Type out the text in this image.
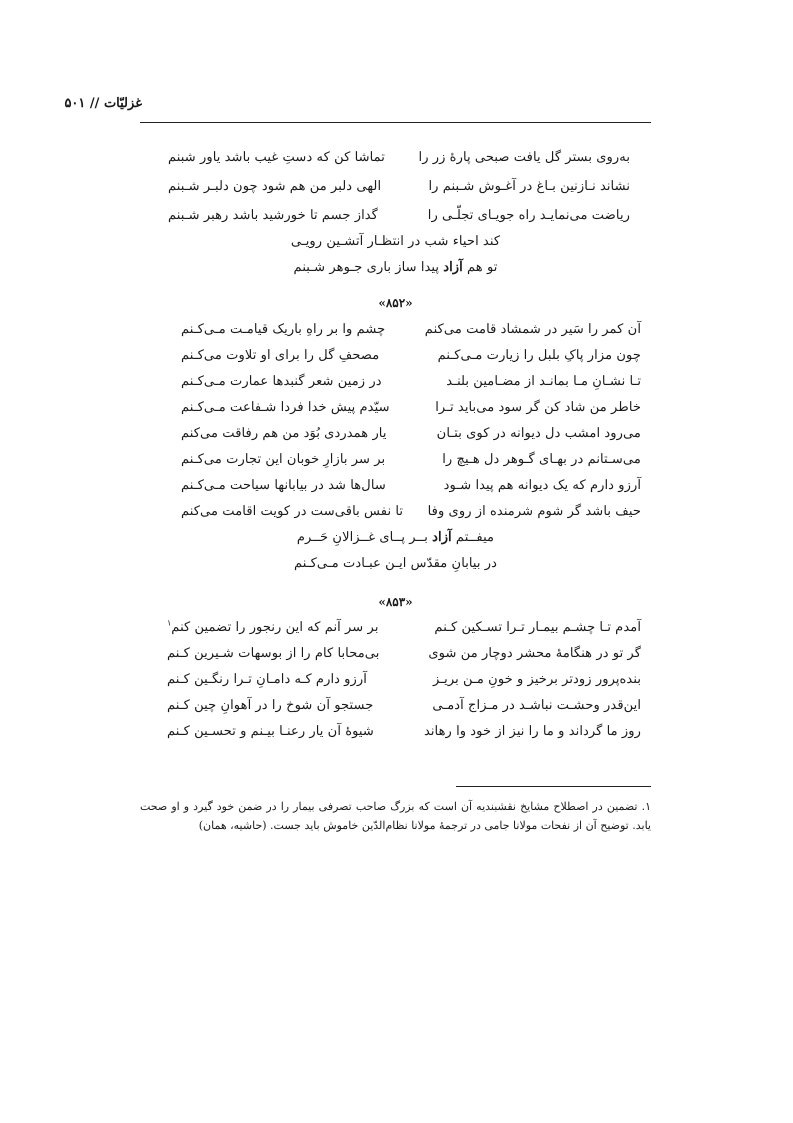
غزلیّات // ۵۰۱
به‌روی بستر گل یافت صبحی پارهٔ زر را
تماشا کن که دستِ غیب باشد یاور شبنم
نشاند نـازنین بـاغ در آغـوش شـبنم را
الهی دلبر من هم شود چون دلبـر شـبنم
ریاضت می‌نمایـد راه جویـای تجلّـی را
گداز جسم تا خورشید باشد رهبر شـبنم
کند احیاء شب در انتظـار آتشـین رویـی
تو هم آزاد پیدا ساز باری جـوهر شـبنم
«۸۵۲»
آن کمر را سَیر در شمشاد قامت می‌کنم
چشم وا بر راهِ باریک قیامـت مـی‌کـنم
چون مزار پاکِ بلبل را زیارت مـی‌کـنم
مصحفِ گل را برای او تلاوت می‌کـنم
تـا نشـانِ مـا بمانـد از مضـامین بلنـد
در زمین شعر گنبدها عمارت مـی‌کـنم
خاطر من شاد کن گر سود می‌باید تـرا
سیّدم پیش خدا فردا شـفاعت مـی‌کـنم
می‌رود امشب دل دیوانه در کوی بتـان
یار همدردی بُوَد من هم رفاقت می‌کنم
می‌سـتانم در بهـای گـوهر دل هـیچ را
بر سر بازارِ خوبان این تجارت می‌کـنم
آرزو دارم که یک دیوانه هم پیدا شـود
سال‌ها شد در بیابانها سیاحت مـی‌کـنم
حیف باشد گر شوم شرمنده از روی وفا
تا نفس باقی‌ست در کویت اقامت می‌کنم
میفــتم آزاد بــر پــای غــزالانِ حَــرم
در بیابانِ مقدّس ایـن عبـادت مـی‌کـنم
«۸۵۳»
آمدم تـا چشـم بیمـار تـرا تسـکین کـنم
بر سر آنم که این رنجور را تضمین کنم$^۱$
گر تو در هنگامهٔ محشر دوچار من شوی
بی‌محابا کام را از بوسهات شـیرین کـنم
بنده‌پرور زودتر برخیز و خونِ مـن بریـز
آرزو دارم کـه دامـانِ تـرا رنگـین کـنم
این‌قدر وحشـت نباشـد در مـزاج آدمـی
جستجو آن شوخ را در آهوانِ چین کـنم
روز ما گرداند و ما را نیز از خود وا رهاند
شیوهٔ آن یار رعنـا بیـنم و تحسـین کـنم
۱. تضمین در اصطلاح مشایخ نقشبندیه آن است که بزرگ صاحب تصرفی بیمار را در ضمن خود گیرد و او صحت یابد. توضیح آن از نفحات مولانا جامی در ترجمهٔ مولانا نظام‌الدّین خاموش باید جست. (حاشیه، همان)
